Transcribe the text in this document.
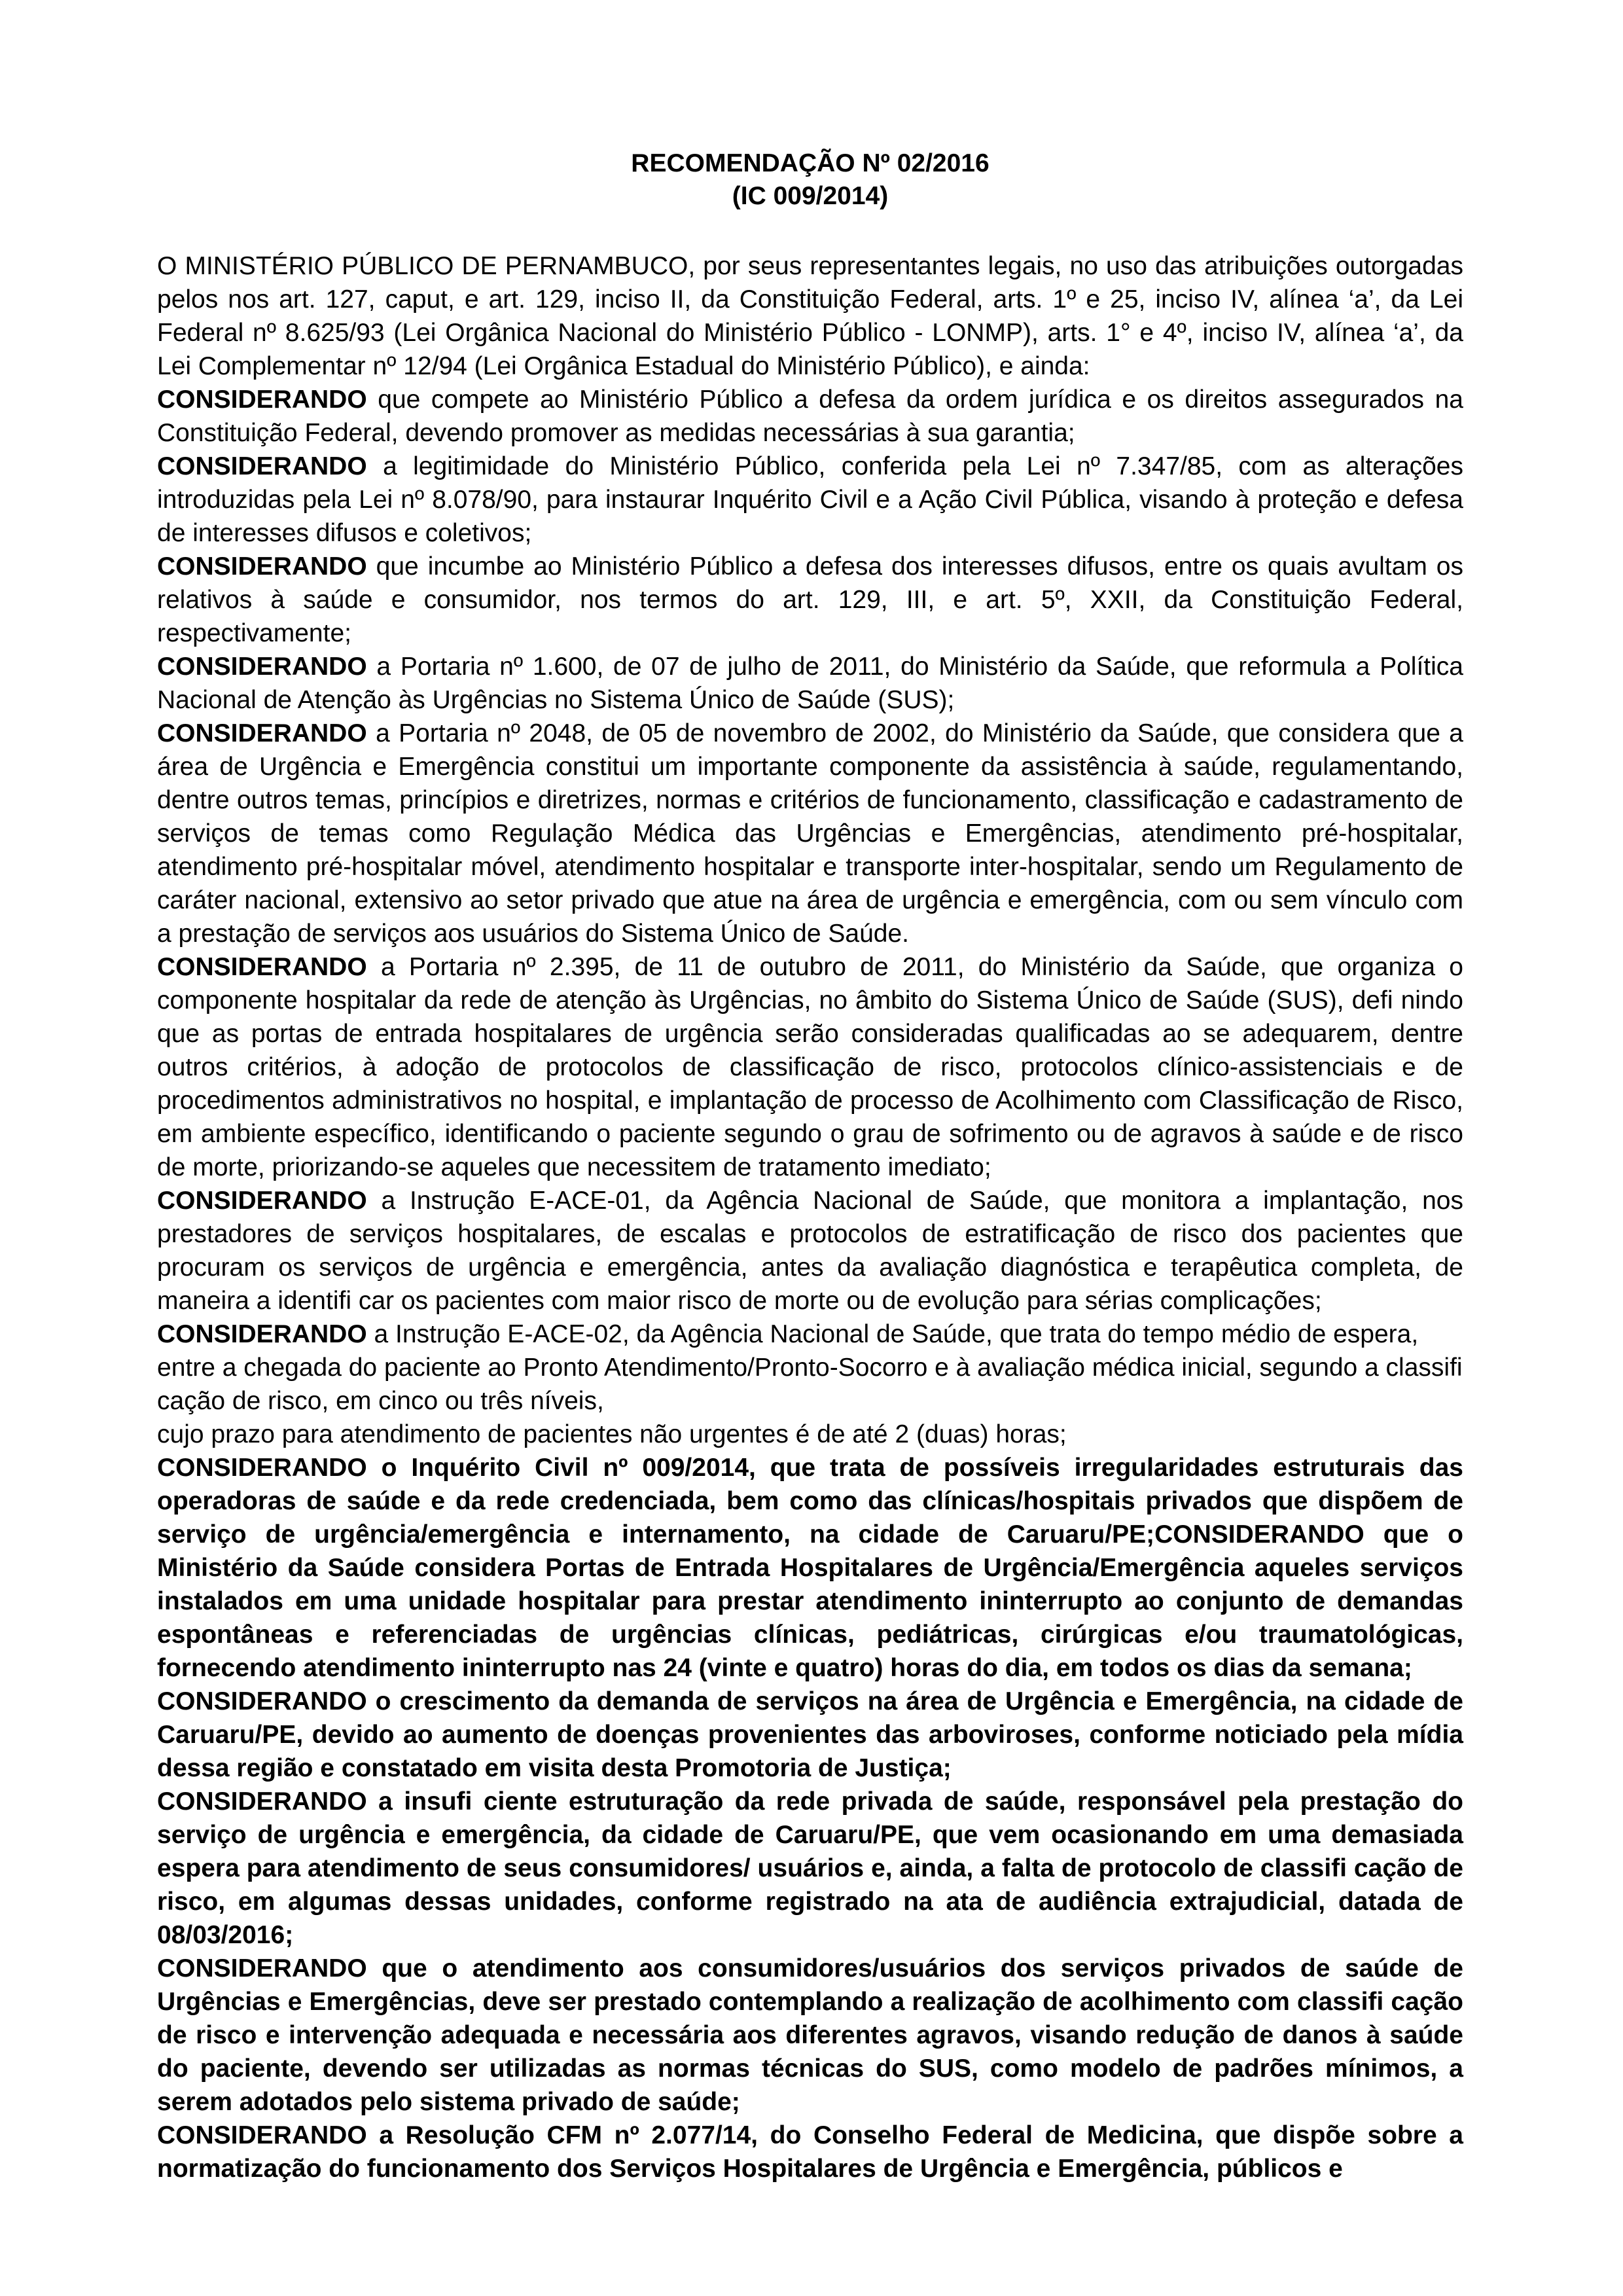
RECOMENDAÇÃO Nº 02/2016

(IC 009/2014)

O MINISTÉRIO PÚBLICO DE PERNAMBUCO, por seus representantes legais, no uso das atribuições outorgadas pelos nos art. 127, caput, e art. 129, inciso II, da Constituição Federal, arts. 1º e 25, inciso IV, alínea ‘a’, da Lei Federal nº 8.625/93 (Lei Orgânica Nacional do Ministério Público - LONMP), arts. 1° e 4º, inciso IV, alínea ‘a’, da Lei Complementar nº 12/94 (Lei Orgânica Estadual do Ministério Público), e ainda:

CONSIDERANDO que compete ao Ministério Público a defesa da ordem jurídica e os direitos assegurados na Constituição Federal, devendo promover as medidas necessárias à sua garantia;

CONSIDERANDO a legitimidade do Ministério Público, conferida pela Lei nº 7.347/85, com as alterações introduzidas pela Lei nº 8.078/90, para instaurar Inquérito Civil e a Ação Civil Pública, visando à proteção e defesa de interesses difusos e coletivos;

CONSIDERANDO que incumbe ao Ministério Público a defesa dos interesses difusos, entre os quais avultam os relativos à saúde e consumidor, nos termos do art. 129, III, e art. 5º, XXII, da Constituição Federal, respectivamente;

CONSIDERANDO a Portaria nº 1.600, de 07 de julho de 2011, do Ministério da Saúde, que reformula a Política Nacional de Atenção às Urgências no Sistema Único de Saúde (SUS);

CONSIDERANDO a Portaria nº 2048, de 05 de novembro de 2002, do Ministério da Saúde, que considera que a área de Urgência e Emergência constitui um importante componente da assistência à saúde, regulamentando, dentre outros temas, princípios e diretrizes, normas e critérios de funcionamento, classificação e cadastramento de serviços de temas como Regulação Médica das Urgências e Emergências, atendimento pré-hospitalar, atendimento pré-hospitalar móvel, atendimento hospitalar e transporte inter-hospitalar, sendo um Regulamento de caráter nacional, extensivo ao setor privado que atue na área de urgência e emergência, com ou sem vínculo com a prestação de serviços aos usuários do Sistema Único de Saúde.

CONSIDERANDO a Portaria nº 2.395, de 11 de outubro de 2011, do Ministério da Saúde, que organiza o componente hospitalar da rede de atenção às Urgências, no âmbito do Sistema Único de Saúde (SUS), defi nindo que as portas de entrada hospitalares de urgência serão consideradas qualificadas ao se adequarem, dentre outros critérios, à adoção de protocolos de classificação de risco, protocolos clínico-assistenciais e de procedimentos administrativos no hospital, e implantação de processo de Acolhimento com Classificação de Risco, em ambiente específico, identificando o paciente segundo o grau de sofrimento ou de agravos à saúde e de risco de morte, priorizando-se aqueles que necessitem de tratamento imediato;

CONSIDERANDO a Instrução E-ACE-01, da Agência Nacional de Saúde, que monitora a implantação, nos prestadores de serviços hospitalares, de escalas e protocolos de estratificação de risco dos pacientes que procuram os serviços de urgência e emergência, antes da avaliação diagnóstica e terapêutica completa, de maneira a identifi car os pacientes com maior risco de morte ou de evolução para sérias complicações;

CONSIDERANDO a Instrução E-ACE-02, da Agência Nacional de Saúde, que trata do tempo médio de espera, entre a chegada do paciente ao Pronto Atendimento/Pronto-Socorro e à avaliação médica inicial, segundo a classifi cação de risco, em cinco ou três níveis,

cujo prazo para atendimento de pacientes não urgentes é de até 2 (duas) horas;

CONSIDERANDO o Inquérito Civil nº 009/2014, que trata de possíveis irregularidades estruturais das operadoras de saúde e da rede credenciada, bem como das clínicas/hospitais privados que dispõem de serviço de urgência/emergência e internamento, na cidade de Caruaru/PE;CONSIDERANDO que o Ministério da Saúde considera Portas de Entrada Hospitalares de Urgência/Emergência aqueles serviços instalados em uma unidade hospitalar para prestar atendimento ininterrupto ao conjunto de demandas espontâneas e referenciadas de urgências clínicas, pediátricas, cirúrgicas e/ou traumatológicas, fornecendo atendimento ininterrupto nas 24 (vinte e quatro) horas do dia, em todos os dias da semana;

CONSIDERANDO o crescimento da demanda de serviços na área de Urgência e Emergência, na cidade de Caruaru/PE, devido ao aumento de doenças provenientes das arboviroses, conforme noticiado pela mídia dessa região e constatado em visita desta Promotoria de Justiça;

CONSIDERANDO a insufi ciente estruturação da rede privada de saúde, responsável pela prestação do serviço de urgência e emergência, da cidade de Caruaru/PE, que vem ocasionando em uma demasiada espera para atendimento de seus consumidores/ usuários e, ainda, a falta de protocolo de classifi cação de risco, em algumas dessas unidades, conforme registrado na ata de audiência extrajudicial, datada de 08/03/2016;

CONSIDERANDO que o atendimento aos consumidores/usuários dos serviços privados de saúde de Urgências e Emergências, deve ser prestado contemplando a realização de acolhimento com classifi cação de risco e intervenção adequada e necessária aos diferentes agravos, visando redução de danos à saúde do paciente, devendo ser utilizadas as normas técnicas do SUS, como modelo de padrões mínimos, a serem adotados pelo sistema privado de saúde;

CONSIDERANDO a Resolução CFM nº 2.077/14, do Conselho Federal de Medicina, que dispõe sobre a normatização do funcionamento dos Serviços Hospitalares de Urgência e Emergência, públicos e
